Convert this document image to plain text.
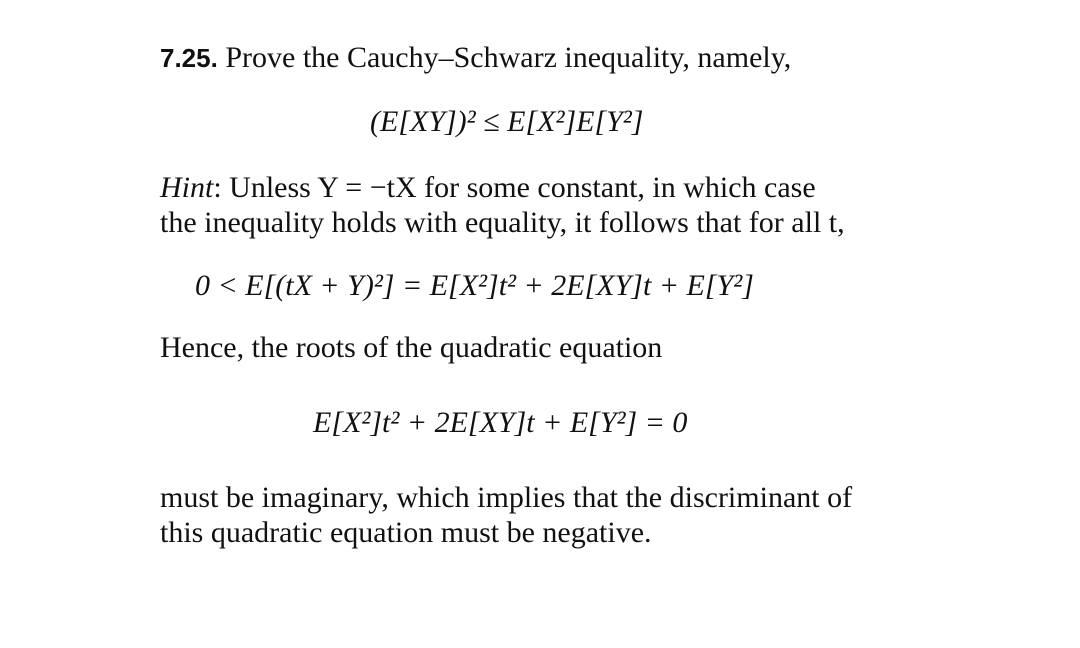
7.25. Prove the Cauchy–Schwarz inequality, namely,
(E[XY])² ≤ E[X²]E[Y²]
Hint: Unless Y = −tX for some constant, in which case
the inequality holds with equality, it follows that for all t,
0 < E[(tX + Y)²] = E[X²]t² + 2E[XY]t + E[Y²]
Hence, the roots of the quadratic equation
E[X²]t² + 2E[XY]t + E[Y²] = 0
must be imaginary, which implies that the discriminant of
this quadratic equation must be negative.
